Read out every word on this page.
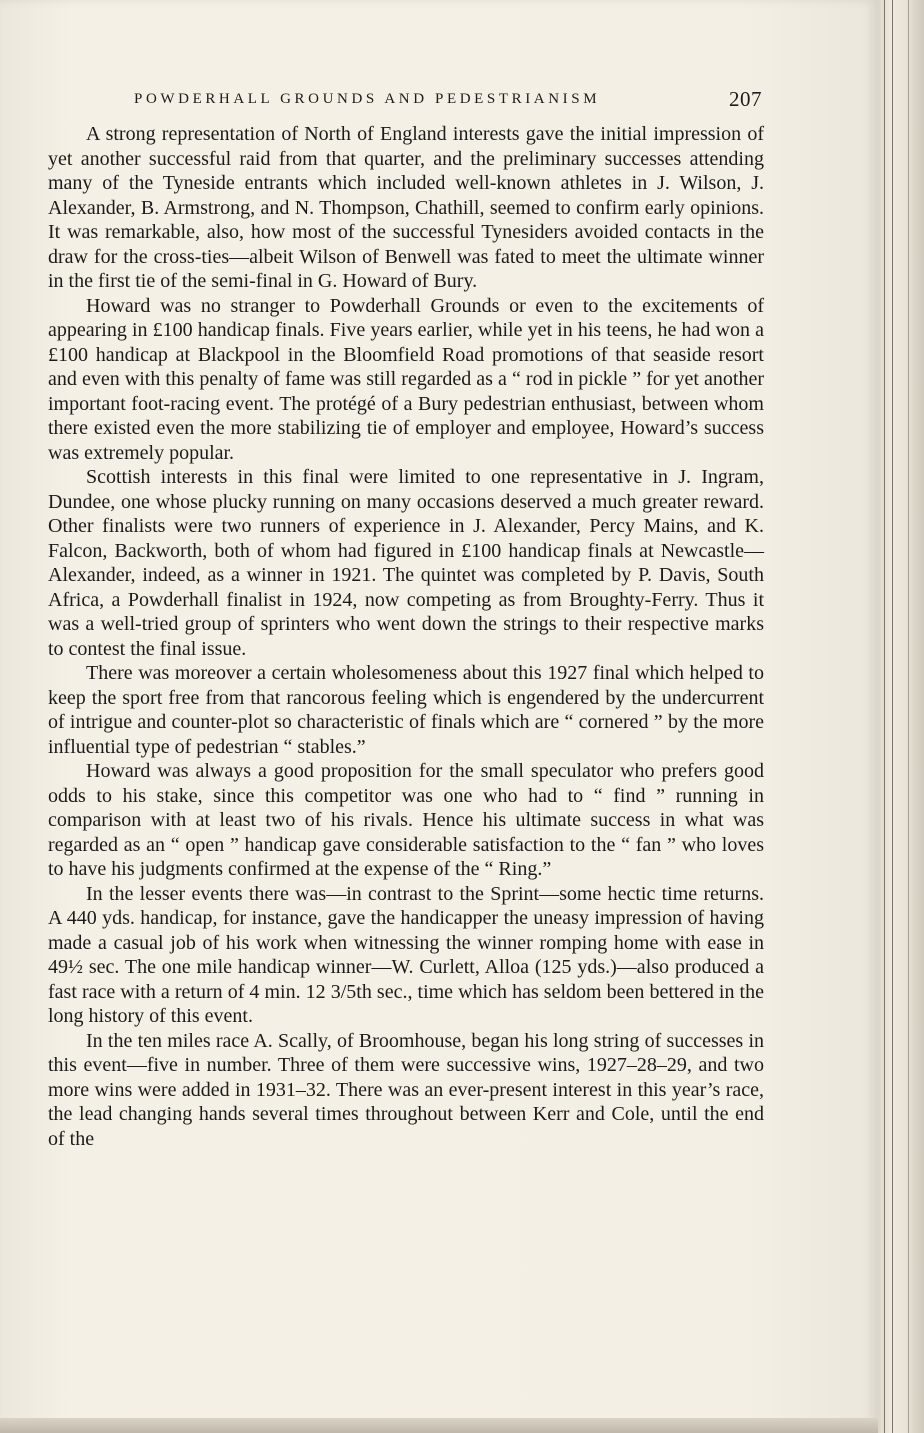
POWDERHALL GROUNDS AND PEDESTRIANISM	207

A strong representation of North of England interests gave the initial impression of yet another successful raid from that quarter, and the preliminary successes attending many of the Tyneside entrants which included well-known athletes in J. Wilson, J. Alexander, B. Armstrong, and N. Thompson, Chathill, seemed to confirm early opinions. It was remarkable, also, how most of the successful Tynesiders avoided contacts in the draw for the cross-ties—albeit Wilson of Benwell was fated to meet the ultimate winner in the first tie of the semi-final in G. Howard of Bury.

Howard was no stranger to Powderhall Grounds or even to the excitements of appearing in £100 handicap finals. Five years earlier, while yet in his teens, he had won a £100 handicap at Blackpool in the Bloomfield Road promotions of that seaside resort and even with this penalty of fame was still regarded as a “ rod in pickle ” for yet another important foot-racing event. The protégé of a Bury pedestrian enthusiast, between whom there existed even the more stabilizing tie of employer and employee, Howard’s success was extremely popular.

Scottish interests in this final were limited to one representative in J. Ingram, Dundee, one whose plucky running on many occasions deserved a much greater reward. Other finalists were two runners of experience in J. Alexander, Percy Mains, and K. Falcon, Backworth, both of whom had figured in £100 handicap finals at Newcastle—Alexander, indeed, as a winner in 1921. The quintet was completed by P. Davis, South Africa, a Powderhall finalist in 1924, now competing as from Broughty-Ferry. Thus it was a well-tried group of sprinters who went down the strings to their respective marks to contest the final issue.

There was moreover a certain wholesomeness about this 1927 final which helped to keep the sport free from that rancorous feeling which is engendered by the undercurrent of intrigue and counter-plot so characteristic of finals which are “ cornered ” by the more influential type of pedestrian “ stables.”

Howard was always a good proposition for the small speculator who prefers good odds to his stake, since this competitor was one who had to “ find ” running in comparison with at least two of his rivals. Hence his ultimate success in what was regarded as an “ open ” handicap gave considerable satisfaction to the “ fan ” who loves to have his judgments confirmed at the expense of the “ Ring.”

In the lesser events there was—in contrast to the Sprint—some hectic time returns. A 440 yds. handicap, for instance, gave the handicapper the uneasy impression of having made a casual job of his work when witnessing the winner romping home with ease in 49½ sec. The one mile handicap winner—W. Curlett, Alloa (125 yds.)—also produced a fast race with a return of 4 min. 12 3/5th sec., time which has seldom been bettered in the long history of this event.

In the ten miles race A. Scally, of Broomhouse, began his long string of successes in this event—five in number. Three of them were successive wins, 1927–28–29, and two more wins were added in 1931–32. There was an ever-present interest in this year’s race, the lead changing hands several times throughout between Kerr and Cole, until the end of the
